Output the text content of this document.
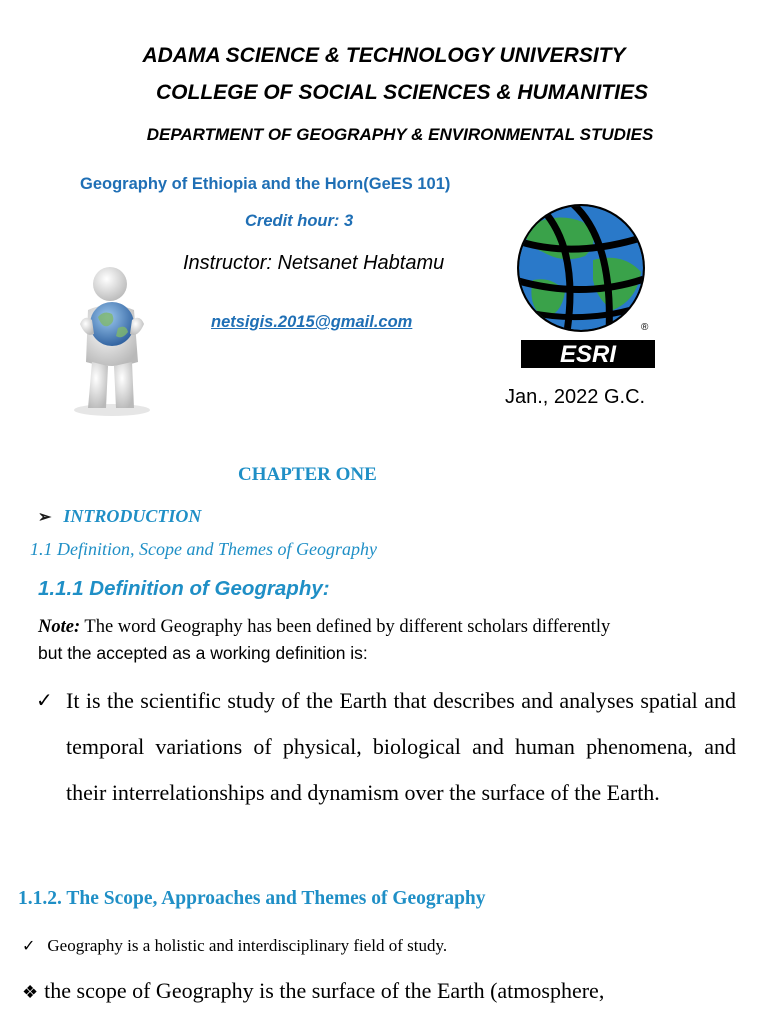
ADAMA SCIENCE & TECHNOLOGY UNIVERSITY
COLLEGE OF SOCIAL SCIENCES & HUMANITIES
DEPARTMENT OF GEOGRAPHY & ENVIRONMENTAL STUDIES
Geography of Ethiopia and the Horn(GeES 101)
Credit hour: 3
Instructor: Netsanet Habtamu
netsigis.2015@gmail.com
Jan., 2022 G.C.
®
ESRI
CHAPTER ONE
➢ INTRODUCTION
1.1 Definition, Scope and Themes of Geography
1.1.1 Definition of Geography:
Note: The word Geography has been defined by different scholars differently
but the accepted as a working definition is:
✓ It is the scientific study of the Earth that describes and analyses spatial and temporal variations of physical, biological and human phenomena, and their interrelationships and dynamism over the surface of the Earth.
1.1.2. The Scope, Approaches and Themes of Geography
✓ Geography is a holistic and interdisciplinary field of study.
❖ the scope of Geography is the surface of the Earth (atmosphere,
